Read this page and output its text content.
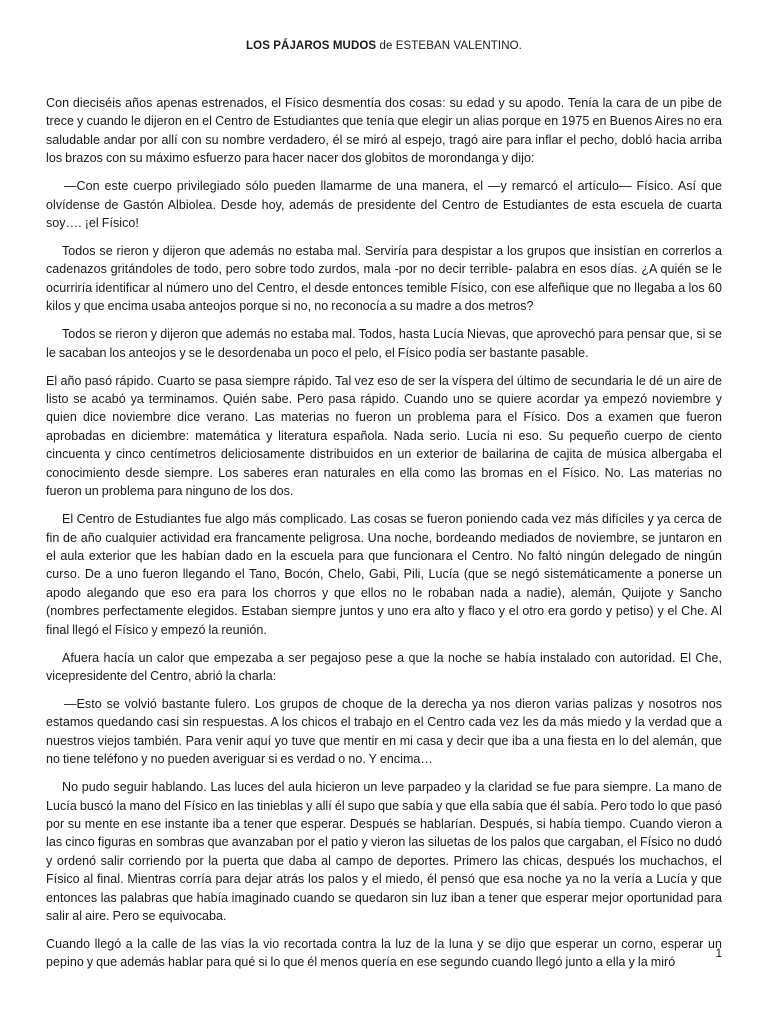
LOS PÁJAROS MUDOS de ESTEBAN VALENTINO.

Con dieciséis años apenas estrenados, el Físico desmentía dos cosas: su edad y su apodo. Tenía la cara de un pibe de trece y cuando le dijeron en el Centro de Estudiantes que tenía que elegir un alias porque en 1975 en Buenos Aires no era saludable andar por allí con su nombre verdadero, él se miró al espejo, tragó aire para inflar el pecho, dobló hacia arriba los brazos con su máximo esfuerzo para hacer nacer dos globitos de morondanga y dijo:

—Con este cuerpo privilegiado sólo pueden llamarme de una manera, el —y remarcó el artículo— Físico. Así que olvídense de Gastón Albiolea. Desde hoy, además de presidente del Centro de Estudiantes de esta escuela de cuarta soy…. ¡el Físico!

Todos se rieron y dijeron que además no estaba mal. Serviría para despistar a los grupos que insistían en correrlos a cadenazos gritándoles de todo, pero sobre todo zurdos, mala -por no decir terrible- palabra en esos días. ¿A quién se le ocurriría identificar al número uno del Centro, el desde entonces temible Físico, con ese alfeñique que no llegaba a los 60 kilos y que encima usaba anteojos porque si no, no reconocía a su madre a dos metros?

Todos se rieron y dijeron que además no estaba mal. Todos, hasta Lucía Nievas, que aprovechó para pensar que, si se le sacaban los anteojos y se le desordenaba un poco el pelo, el Físico podía ser bastante pasable.

El año pasó rápido. Cuarto se pasa siempre rápido. Tal vez eso de ser la víspera del último de secundaria le dé un aire de listo se acabó ya terminamos. Quién sabe. Pero pasa rápido. Cuando uno se quiere acordar ya empezó noviembre y quien dice noviembre dice verano. Las materias no fueron un problema para el Físico. Dos a examen que fueron aprobadas en diciembre: matemática y literatura española. Nada serio. Lucía ni eso. Su pequeño cuerpo de ciento cincuenta y cinco centímetros deliciosamente distribuidos en un exterior de bailarina de cajita de música albergaba el conocimiento desde siempre. Los saberes eran naturales en ella como las bromas en el Físico. No. Las materias no fueron un problema para ninguno de los dos.

El Centro de Estudiantes fue algo más complicado. Las cosas se fueron poniendo cada vez más difíciles y ya cerca de fin de año cualquier actividad era francamente peligrosa. Una noche, bordeando mediados de noviembre, se juntaron en el aula exterior que les habían dado en la escuela para que funcionara el Centro. No faltó ningún delegado de ningún curso. De a uno fueron llegando el Tano, Bocón, Chelo, Gabi, Pili, Lucía (que se negó sistemáticamente a ponerse un apodo alegando que eso era para los chorros y que ellos no le robaban nada a nadie), alemán, Quijote y Sancho (nombres perfectamente elegidos. Estaban siempre juntos y uno era alto y flaco y el otro era gordo y petiso) y el Che. Al final llegó el Físico y empezó la reunión.

Afuera hacía un calor que empezaba a ser pegajoso pese a que la noche se había instalado con autoridad. El Che, vicepresidente del Centro, abrió la charla:

—Esto se volvió bastante fulero. Los grupos de choque de la derecha ya nos dieron varias palizas y nosotros nos estamos quedando casi sin respuestas. A los chicos el trabajo en el Centro cada vez les da más miedo y la verdad que a nuestros viejos también. Para venir aquí yo tuve que mentir en mi casa y decir que iba a una fiesta en lo del alemán, que no tiene teléfono y no pueden averiguar si es verdad o no. Y encima…

No pudo seguir hablando. Las luces del aula hicieron un leve parpadeo y la claridad se fue para siempre. La mano de Lucía buscó la mano del Físico en las tinieblas y allí él supo que sabía y que ella sabía que él sabía. Pero todo lo que pasó por su mente en ese instante iba a tener que esperar. Después se hablarían. Después, si había tiempo. Cuando vieron a las cinco figuras en sombras que avanzaban por el patio y vieron las siluetas de los palos que cargaban, el Físico no dudó y ordenó salir corriendo por la puerta que daba al campo de deportes. Primero las chicas, después los muchachos, el Físico al final. Mientras corría para dejar atrás los palos y el miedo, él pensó que esa noche ya no la vería a Lucía y que entonces las palabras que había imaginado cuando se quedaron sin luz iban a tener que esperar mejor oportunidad para salir al aire. Pero se equivocaba.

Cuando llegó a la calle de las vías la vio recortada contra la luz de la luna y se dijo que esperar un corno, esperar un pepino y que además hablar para qué si lo que él menos quería en ese segundo cuando llegó junto a ella y la miró

1
